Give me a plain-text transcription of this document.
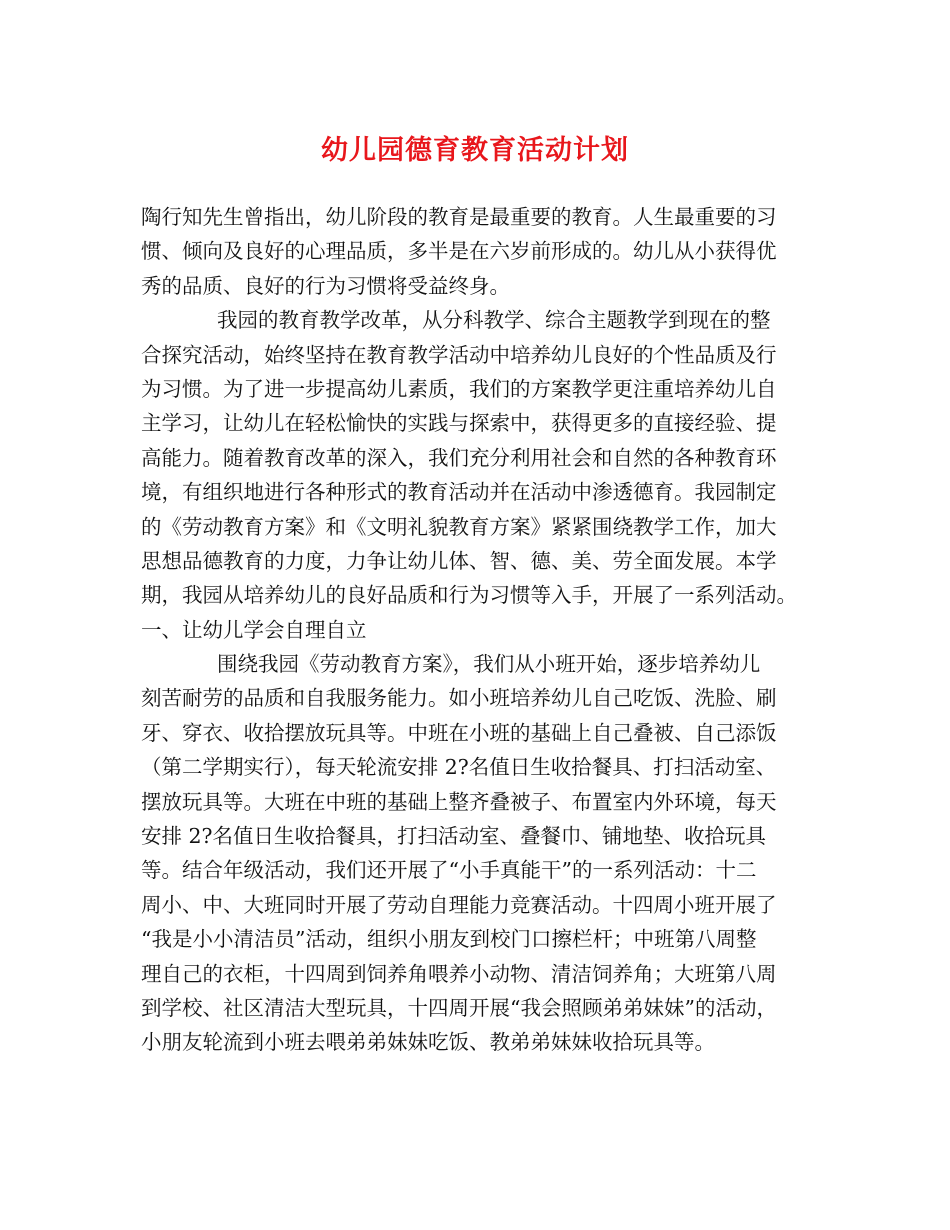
幼儿园德育教育活动计划
陶行知先生曾指出，幼儿阶段的教育是最重要的教育。人生最重要的习
惯、倾向及良好的心理品质，多半是在六岁前形成的。幼儿从小获得优
秀的品质、良好的行为习惯将受益终身。
我园的教育教学改革，从分科教学、综合主题教学到现在的整
合探究活动，始终坚持在教育教学活动中培养幼儿良好的个性品质及行
为习惯。为了进一步提高幼儿素质，我们的方案教学更注重培养幼儿自
主学习，让幼儿在轻松愉快的实践与探索中，获得更多的直接经验、提
高能力。随着教育改革的深入，我们充分利用社会和自然的各种教育环
境，有组织地进行各种形式的教育活动并在活动中渗透德育。我园制定
的《劳动教育方案》和《文明礼貌教育方案》紧紧围绕教学工作，加大
思想品德教育的力度，力争让幼儿体、智、德、美、劳全面发展。本学
期，我园从培养幼儿的良好品质和行为习惯等入手，开展了一系列活动。
一、让幼儿学会自理自立
围绕我园《劳动教育方案》，我们从小班开始，逐步培养幼儿
刻苦耐劳的品质和自我服务能力。如小班培养幼儿自己吃饭、洗脸、刷
牙、穿衣、收拾摆放玩具等。中班在小班的基础上自己叠被、自己添饭
（第二学期实行），每天轮流安排 2?名值日生收拾餐具、打扫活动室、
摆放玩具等。大班在中班的基础上整齐叠被子、布置室内外环境，每天
安排 2?名值日生收拾餐具，打扫活动室、叠餐巾、铺地垫、收拾玩具
等。结合年级活动，我们还开展了“小手真能干”的一系列活动：十二
周小、中、大班同时开展了劳动自理能力竞赛活动。十四周小班开展了
“我是小小清洁员”活动，组织小朋友到校门口擦栏杆；中班第八周整
理自己的衣柜，十四周到饲养角喂养小动物、清洁饲养角；大班第八周
到学校、社区清洁大型玩具，十四周开展“我会照顾弟弟妹妹”的活动，
小朋友轮流到小班去喂弟弟妹妹吃饭、教弟弟妹妹收拾玩具等。
